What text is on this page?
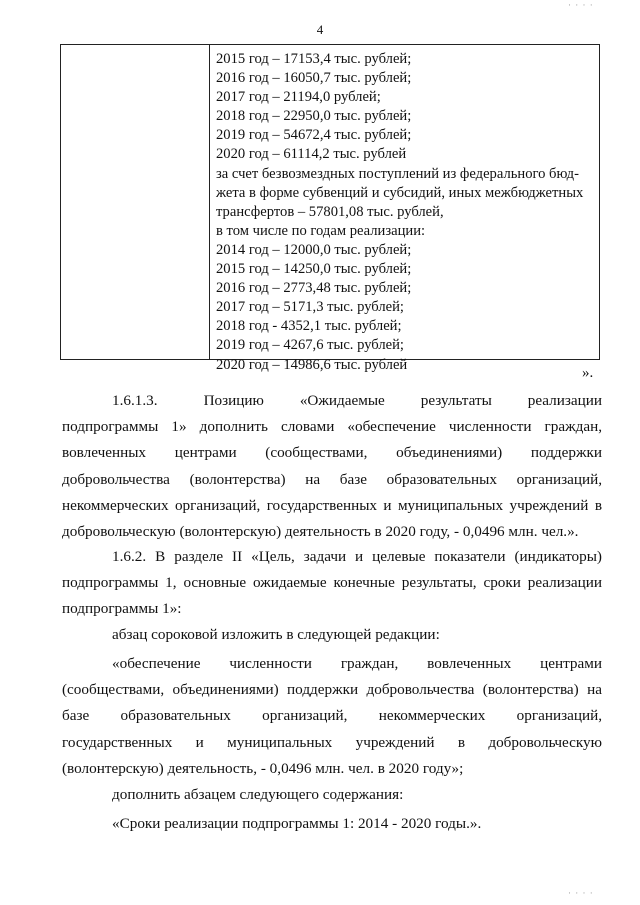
4
· · · ·
2015 год – 17153,4 тыс. рублей;
2016 год – 16050,7 тыс. рублей;
2017 год – 21194,0 рублей;
2018 год – 22950,0 тыс. рублей;
2019 год – 54672,4 тыс. рублей;
2020 год – 61114,2 тыс. рублей
за счет безвозмездных поступлений из федерального бюд-
жета в форме субвенций и субсидий, иных межбюджетных
трансфертов – 57801,08 тыс. рублей,
в том числе по годам реализации:
2014 год – 12000,0 тыс. рублей;
2015 год – 14250,0 тыс. рублей;
2016 год – 2773,48 тыс. рублей;
2017 год – 5171,3 тыс. рублей;
2018 год - 4352,1 тыс. рублей;
2019 год – 4267,6 тыс. рублей;
2020 год – 14986,6 тыс. рублей
».

1.6.1.3.	Позицию «Ожидаемые результаты реализации подпрограммы 1» дополнить словами «обеспечение численности граждан, вовлеченных центрами (сообществами, объединениями) поддержки добровольчества (волонтерства) на базе образовательных организаций, некоммерческих организаций, государственных и муниципальных учреждений в добровольческую (волонтерскую) деятельность в 2020 году, - 0,0496 млн. чел.».

1.6.2. В разделе II «Цель, задачи и целевые показатели (индикаторы) подпрограммы 1, основные ожидаемые конечные результаты, сроки реализации подпрограммы 1»:

абзац сороковой изложить в следующей редакции:

«обеспечение численности граждан, вовлеченных центрами (сообществами, объединениями) поддержки добровольчества (волонтерства) на базе образовательных организаций, некоммерческих организаций, государственных и муниципальных учреждений в добровольческую (волонтерскую) деятельность, - 0,0496 млн. чел. в 2020 году»;

дополнить абзацем следующего содержания:

«Сроки реализации подпрограммы 1: 2014 - 2020 годы.».

· · · ·
